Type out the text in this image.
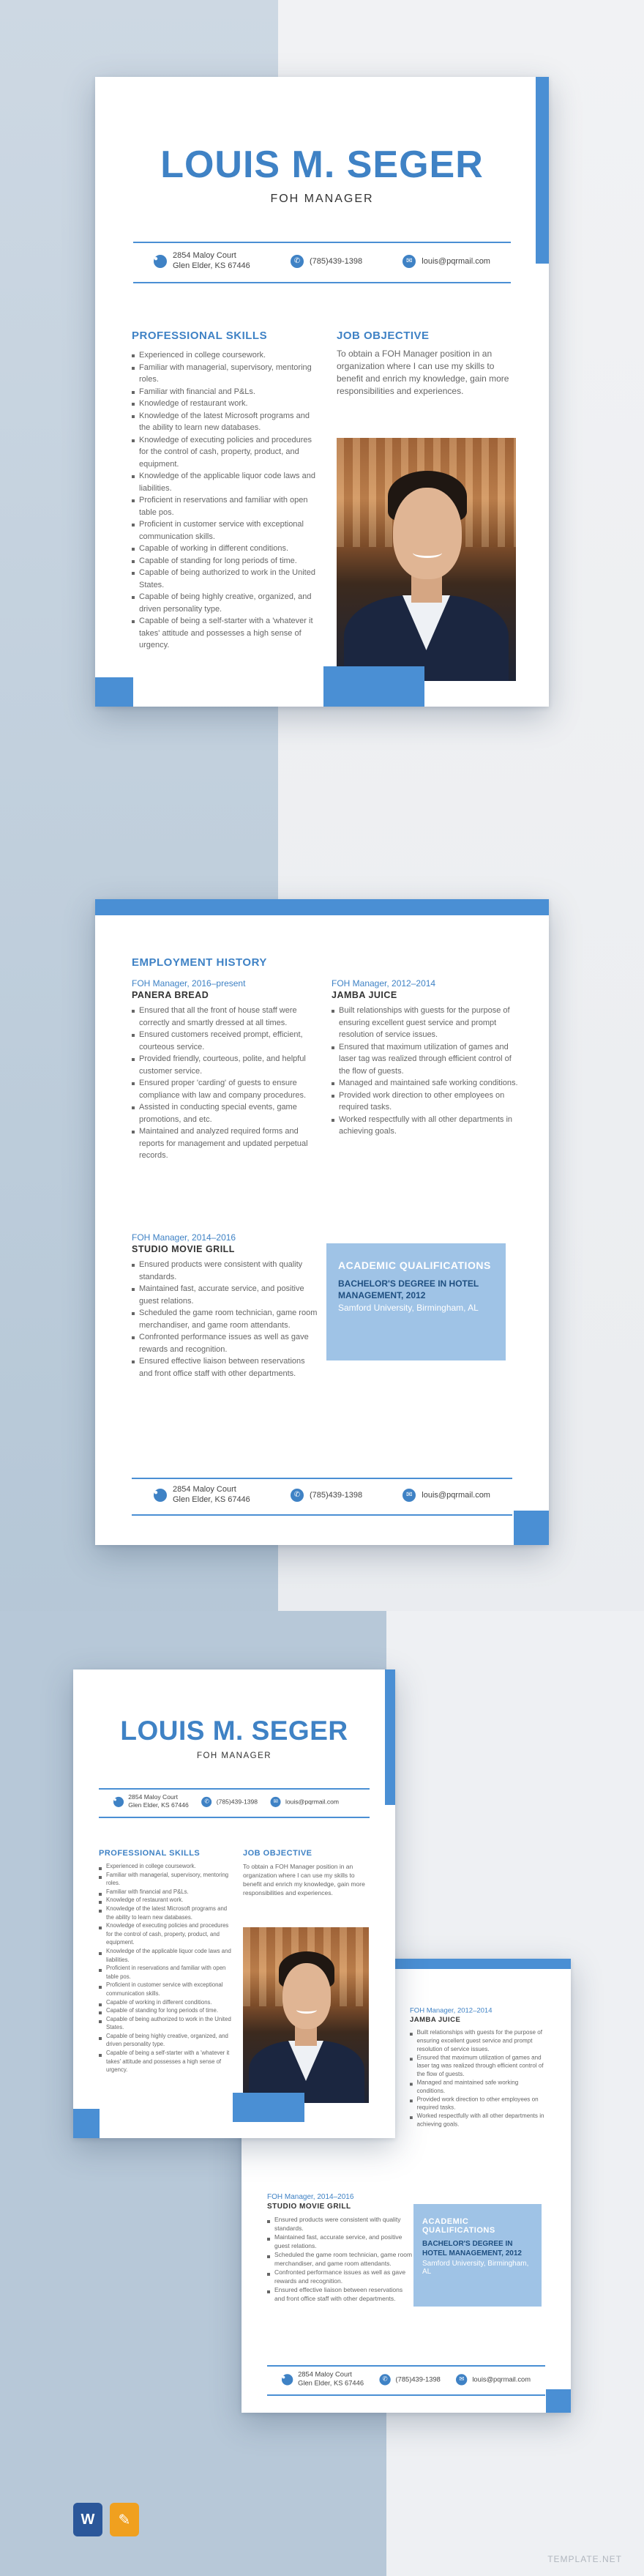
LOUIS M. SEGER
FOH MANAGER
●	2854 Maloy Court
Glen Elder, KS 67446	✆	(785)439-1398	✉	louis@pqrmail.com
PROFESSIONAL SKILLS
Experienced in college coursework.
Familiar with managerial, supervisory, mentoring roles.
Familiar with financial and P&Ls.
Knowledge of restaurant work.
Knowledge of the latest Microsoft programs and the ability to learn new databases.
Knowledge of executing policies and procedures for the control of cash, property, product, and equipment.
Knowledge of the applicable liquor code laws and liabilities.
Proficient in reservations and familiar with open table pos.
Proficient in customer service with exceptional communication skills.
Capable of working in different conditions.
Capable of standing for long periods of time.
Capable of being authorized to work in the United States.
Capable of being highly creative, organized, and driven personality type.
Capable of being a self-starter with a 'whatever it takes' attitude and possesses a high sense of urgency.
JOB OBJECTIVE
To obtain a FOH Manager position in an organization where I can use my skills to benefit and enrich my knowledge, gain more responsibilities and experiences.
EMPLOYMENT HISTORY
FOH Manager, 2016–present
PANERA BREAD
Ensured that all the front of house staff were correctly and smartly dressed at all times.
Ensured customers received prompt, efficient, courteous service.
Provided friendly, courteous, polite, and helpful customer service.
Ensured proper 'carding' of guests to ensure compliance with law and company procedures.
Assisted in conducting special events, game promotions, and etc.
Maintained and analyzed required forms and reports for management and updated perpetual records.
FOH Manager, 2012–2014
JAMBA JUICE
Built relationships with guests for the purpose of ensuring excellent guest service and prompt resolution of service issues.
Ensured that maximum utilization of games and laser tag was realized through efficient control of the flow of guests.
Managed and maintained safe working conditions.
Provided work direction to other employees on required tasks.
Worked respectfully with all other departments in achieving goals.
FOH Manager, 2014–2016
STUDIO MOVIE GRILL
Ensured products were consistent with quality standards.
Maintained fast, accurate service, and positive guest relations.
Scheduled the game room technician, game room merchandiser, and game room attendants.
Confronted performance issues as well as gave rewards and recognition.
Ensured effective liaison between reservations and front office staff with other departments.
ACADEMIC QUALIFICATIONS
BACHELOR'S DEGREE IN HOTEL MANAGEMENT, 2012
Samford University, Birmingham, AL
●	2854 Maloy Court
Glen Elder, KS 67446	✆	(785)439-1398	✉	louis@pqrmail.com
FOH Manager, 2012–2014
JAMBA JUICE
Built relationships with guests for the purpose of ensuring excellent guest service and prompt resolution of service issues.
Ensured that maximum utilization of games and laser tag was realized through efficient control of the flow of guests.
Managed and maintained safe working conditions.
Provided work direction to other employees on required tasks.
Worked respectfully with all other departments in achieving goals.
FOH Manager, 2014–2016
STUDIO MOVIE GRILL
Ensured products were consistent with quality standards.
Maintained fast, accurate service, and positive guest relations.
Scheduled the game room technician, game room merchandiser, and game room attendants.
Confronted performance issues as well as gave rewards and recognition.
Ensured effective liaison between reservations and front office staff with other departments.
ACADEMIC QUALIFICATIONS
BACHELOR'S DEGREE IN HOTEL MANAGEMENT, 2012
Samford University, Birmingham, AL
●	2854 Maloy Court
Glen Elder, KS 67446	✆ (785)439-1398	✉ louis@pqrmail.com
LOUIS M. SEGER
FOH MANAGER
●	2854 Maloy Court
Glen Elder, KS 67446
✆ (785)439-1398	✉ louis@pqrmail.com
PROFESSIONAL SKILLS
Experienced in college coursework.
Familiar with managerial, supervisory, mentoring roles.
Familiar with financial and P&Ls.
Knowledge of restaurant work.
Knowledge of the latest Microsoft programs and the ability to learn new databases.
Knowledge of executing policies and procedures for the control of cash, property, product, and equipment.
Knowledge of the applicable liquor code laws and liabilities.
Proficient in reservations and familiar with open table pos.
Proficient in customer service with exceptional communication skills.
Capable of working in different conditions.
Capable of standing for long periods of time.
Capable of being authorized to work in the United States.
Capable of being highly creative, organized, and driven personality type.
Capable of being a self-starter with a 'whatever it takes' attitude and possesses a high sense of urgency.
JOB OBJECTIVE
To obtain a FOH Manager position in an organization where I can use my skills to benefit and enrich my knowledge, gain more responsibilities and experiences.
W	✎
TEMPLATE.NET
